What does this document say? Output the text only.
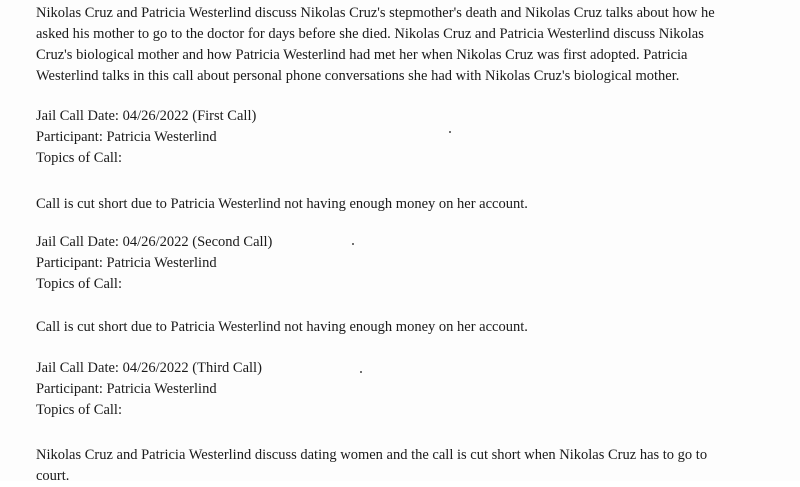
Nikolas Cruz and Patricia Westerlind discuss Nikolas Cruz's stepmother's death and Nikolas Cruz talks about how he
asked his mother to go to the doctor for days before she died. Nikolas Cruz and Patricia Westerlind discuss Nikolas
Cruz's biological mother and how Patricia Westerlind had met her when Nikolas Cruz was first adopted. Patricia
Westerlind talks in this call about personal phone conversations she had with Nikolas Cruz's biological mother.
Jail Call Date: 04/26/2022 (First Call)
Participant: Patricia Westerlind
Topics of Call:
Call is cut short due to Patricia Westerlind not having enough money on her account.
Jail Call Date: 04/26/2022 (Second Call)
Participant: Patricia Westerlind
Topics of Call:
Call is cut short due to Patricia Westerlind not having enough money on her account.
Jail Call Date: 04/26/2022 (Third Call)
Participant: Patricia Westerlind
Topics of Call:
Nikolas Cruz and Patricia Westerlind discuss dating women and the call is cut short when Nikolas Cruz has to go to
court.
